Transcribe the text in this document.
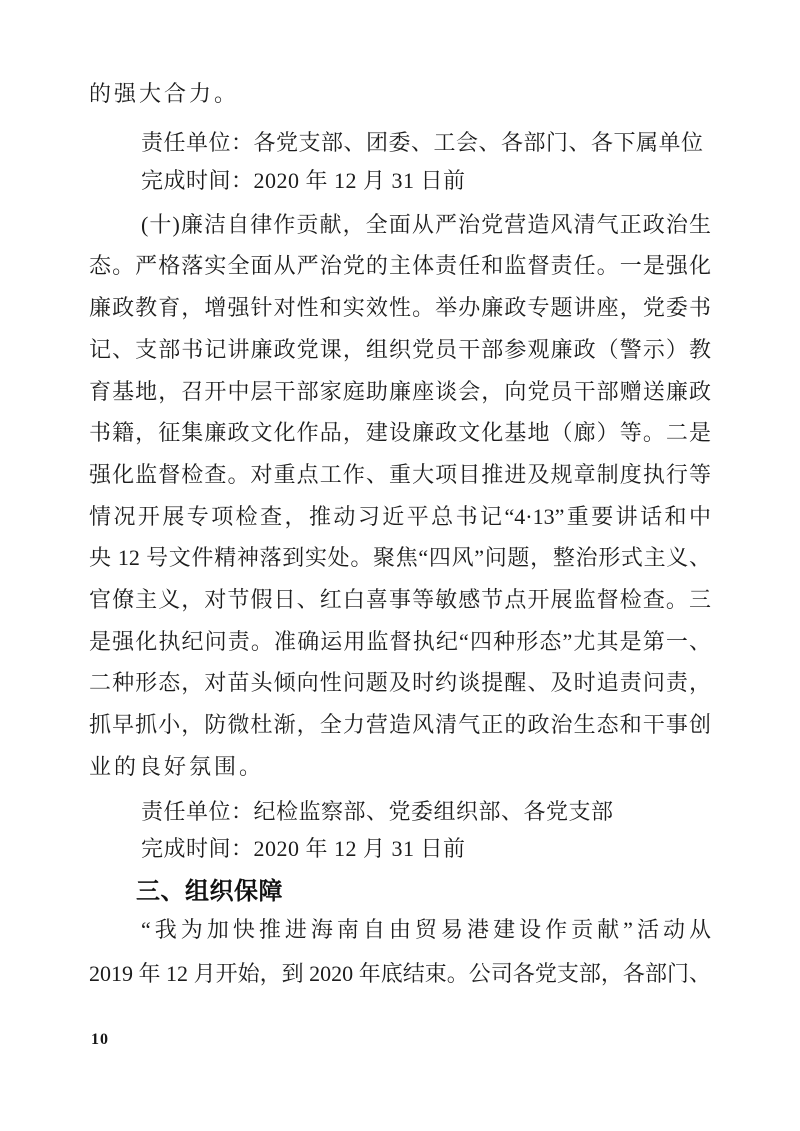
的强大合力。

责任单位：各党支部、团委、工会、各部门、各下属单位

完成时间：2020 年 12 月 31 日前

(十)廉洁自律作贡献，全面从严治党营造风清气正政治生

态。严格落实全面从严治党的主体责任和监督责任。一是强化

廉政教育，增强针对性和实效性。举办廉政专题讲座，党委书

记、支部书记讲廉政党课，组织党员干部参观廉政（警示）教

育基地，召开中层干部家庭助廉座谈会，向党员干部赠送廉政

书籍，征集廉政文化作品，建设廉政文化基地（廊）等。二是

强化监督检查。对重点工作、重大项目推进及规章制度执行等

情况开展专项检查，推动习近平总书记“4·13”重要讲话和中

央 12 号文件精神落到实处。聚焦“四风”问题，整治形式主义、

官僚主义，对节假日、红白喜事等敏感节点开展监督检查。三

是强化执纪问责。准确运用监督执纪“四种形态”尤其是第一、

二种形态，对苗头倾向性问题及时约谈提醒、及时追责问责，

抓早抓小，防微杜渐，全力营造风清气正的政治生态和干事创

业的良好氛围。

责任单位：纪检监察部、党委组织部、各党支部

完成时间：2020 年 12 月 31 日前

三、组织保障

“我为加快推进海南自由贸易港建设作贡献”活动从

2019 年 12 月开始，到 2020 年底结束。公司各党支部，各部门、

10
